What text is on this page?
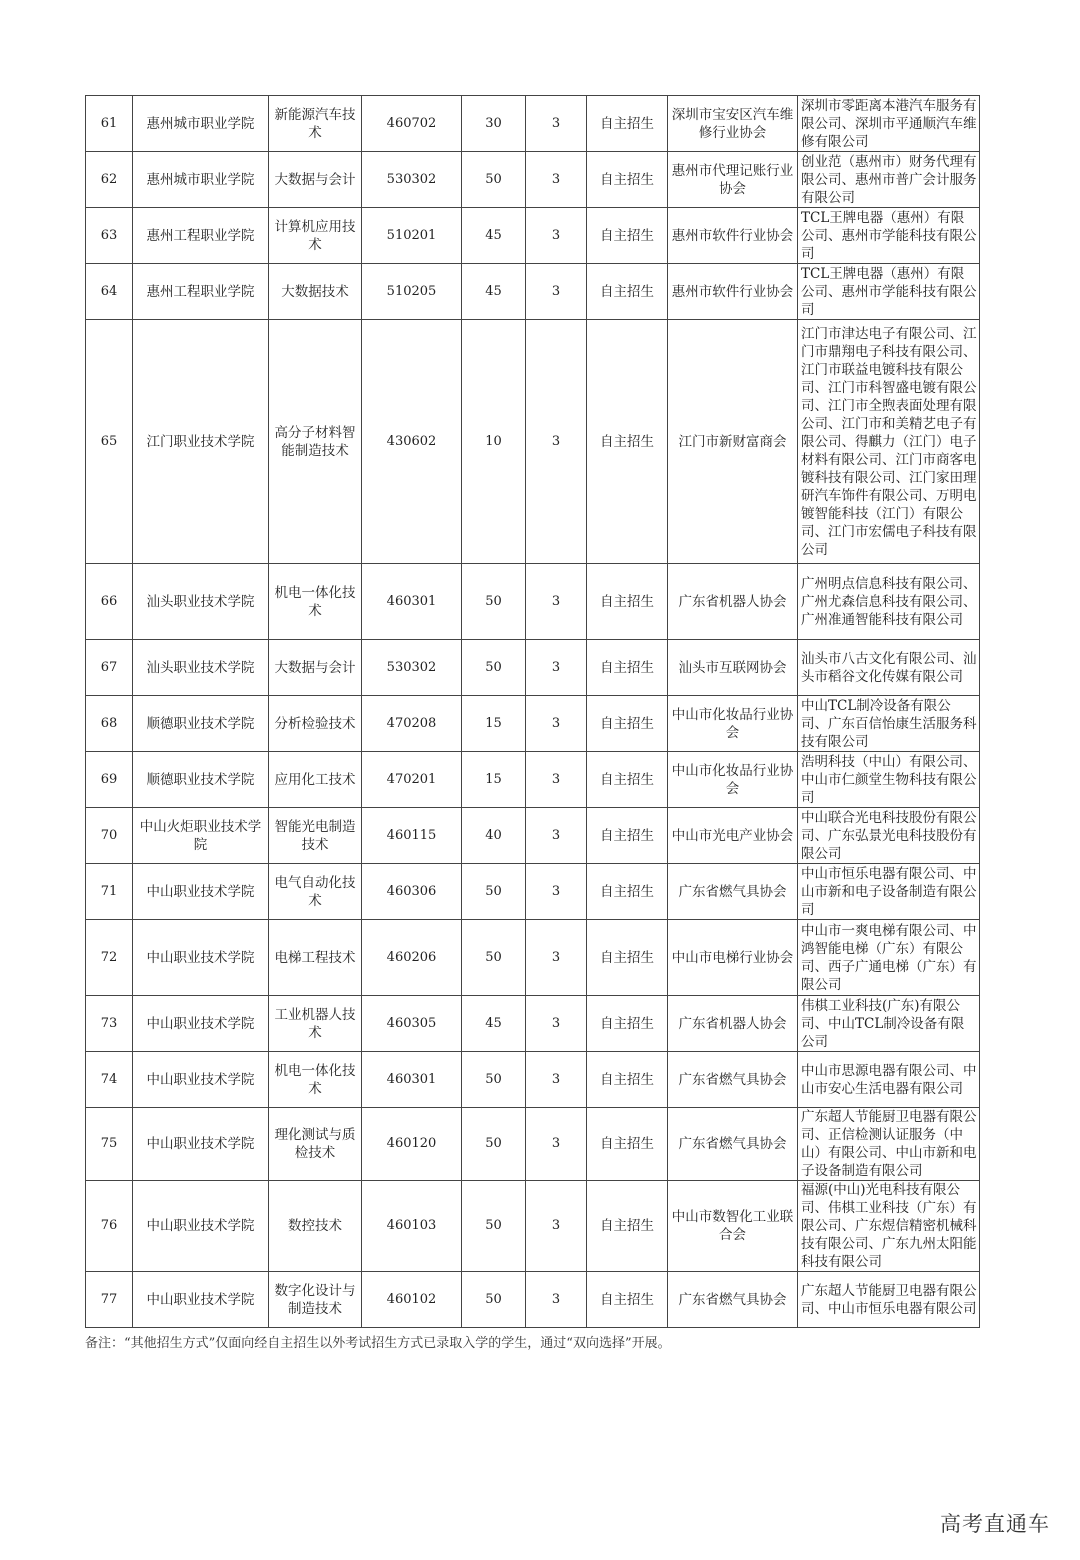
61	惠州城市职业学院	新能源汽车技术	460702	30	3	自主招生	深圳市宝安区汽车维修行业协会	深圳市零距离本港汽车服务有限公司、深圳市平通顺汽车维修有限公司
62	惠州城市职业学院	大数据与会计	530302	50	3	自主招生	惠州市代理记账行业协会	创业范（惠州市）财务代理有限公司、惠州市普广会计服务有限公司
63	惠州工程职业学院	计算机应用技术	510201	45	3	自主招生	惠州市软件行业协会	TCL王牌电器（惠州）有限公司、惠州市学能科技有限公司
64	惠州工程职业学院	大数据技术	510205	45	3	自主招生	惠州市软件行业协会	TCL王牌电器（惠州）有限公司、惠州市学能科技有限公司
65	江门职业技术学院	高分子材料智能制造技术	430602	10	3	自主招生	江门市新财富商会	江门市津达电子有限公司、江门市鼎翔电子科技有限公司、江门市联益电镀科技有限公司、江门市科智盛电镀有限公司、江门市全煦表面处理有限公司、江门市和美精艺电子有限公司、得麒力（江门）电子材料有限公司、江门市商客电镀科技有限公司、江门家田理研汽车饰件有限公司、万明电镀智能科技（江门）有限公司、江门市宏儒电子科技有限公司
66	汕头职业技术学院	机电一体化技术	460301	50	3	自主招生	广东省机器人协会	广州明点信息科技有限公司、广州尤森信息科技有限公司、广州准通智能科技有限公司
67	汕头职业技术学院	大数据与会计	530302	50	3	自主招生	汕头市互联网协会	汕头市八古文化有限公司、汕头市稻谷文化传媒有限公司
68	顺德职业技术学院	分析检验技术	470208	15	3	自主招生	中山市化妆品行业协会	中山TCL制冷设备有限公司、广东百信怡康生活服务科技有限公司
69	顺德职业技术学院	应用化工技术	470201	15	3	自主招生	中山市化妆品行业协会	浩明科技（中山）有限公司、中山市仁颜堂生物科技有限公司
70	中山火炬职业技术学院	智能光电制造技术	460115	40	3	自主招生	中山市光电产业协会	中山联合光电科技股份有限公司、广东弘景光电科技股份有限公司
71	中山职业技术学院	电气自动化技术	460306	50	3	自主招生	广东省燃气具协会	中山市恒乐电器有限公司、中山市新和电子设备制造有限公司
72	中山职业技术学院	电梯工程技术	460206	50	3	自主招生	中山市电梯行业协会	中山市一爽电梯有限公司、中鸿智能电梯（广东）有限公司、西子广通电梯（广东）有限公司
73	中山职业技术学院	工业机器人技术	460305	45	3	自主招生	广东省机器人协会	伟棋工业科技(广东)有限公司、中山TCL制冷设备有限公司
74	中山职业技术学院	机电一体化技术	460301	50	3	自主招生	广东省燃气具协会	中山市思源电器有限公司、中山市安心生活电器有限公司
75	中山职业技术学院	理化测试与质检技术	460120	50	3	自主招生	广东省燃气具协会	广东超人节能厨卫电器有限公司、正信检测认证服务（中山）有限公司、中山市新和电子设备制造有限公司
76	中山职业技术学院	数控技术	460103	50	3	自主招生	中山市数智化工业联合会	福源(中山)光电科技有限公司、伟棋工业科技（广东）有限公司、广东煜信精密机械科技有限公司、广东九州太阳能科技有限公司
77	中山职业技术学院	数字化设计与制造技术	460102	50	3	自主招生	广东省燃气具协会	广东超人节能厨卫电器有限公司、中山市恒乐电器有限公司
备注：“其他招生方式”仅面向经自主招生以外考试招生方式已录取入学的学生，通过“双向选择”开展。
高考直通车
